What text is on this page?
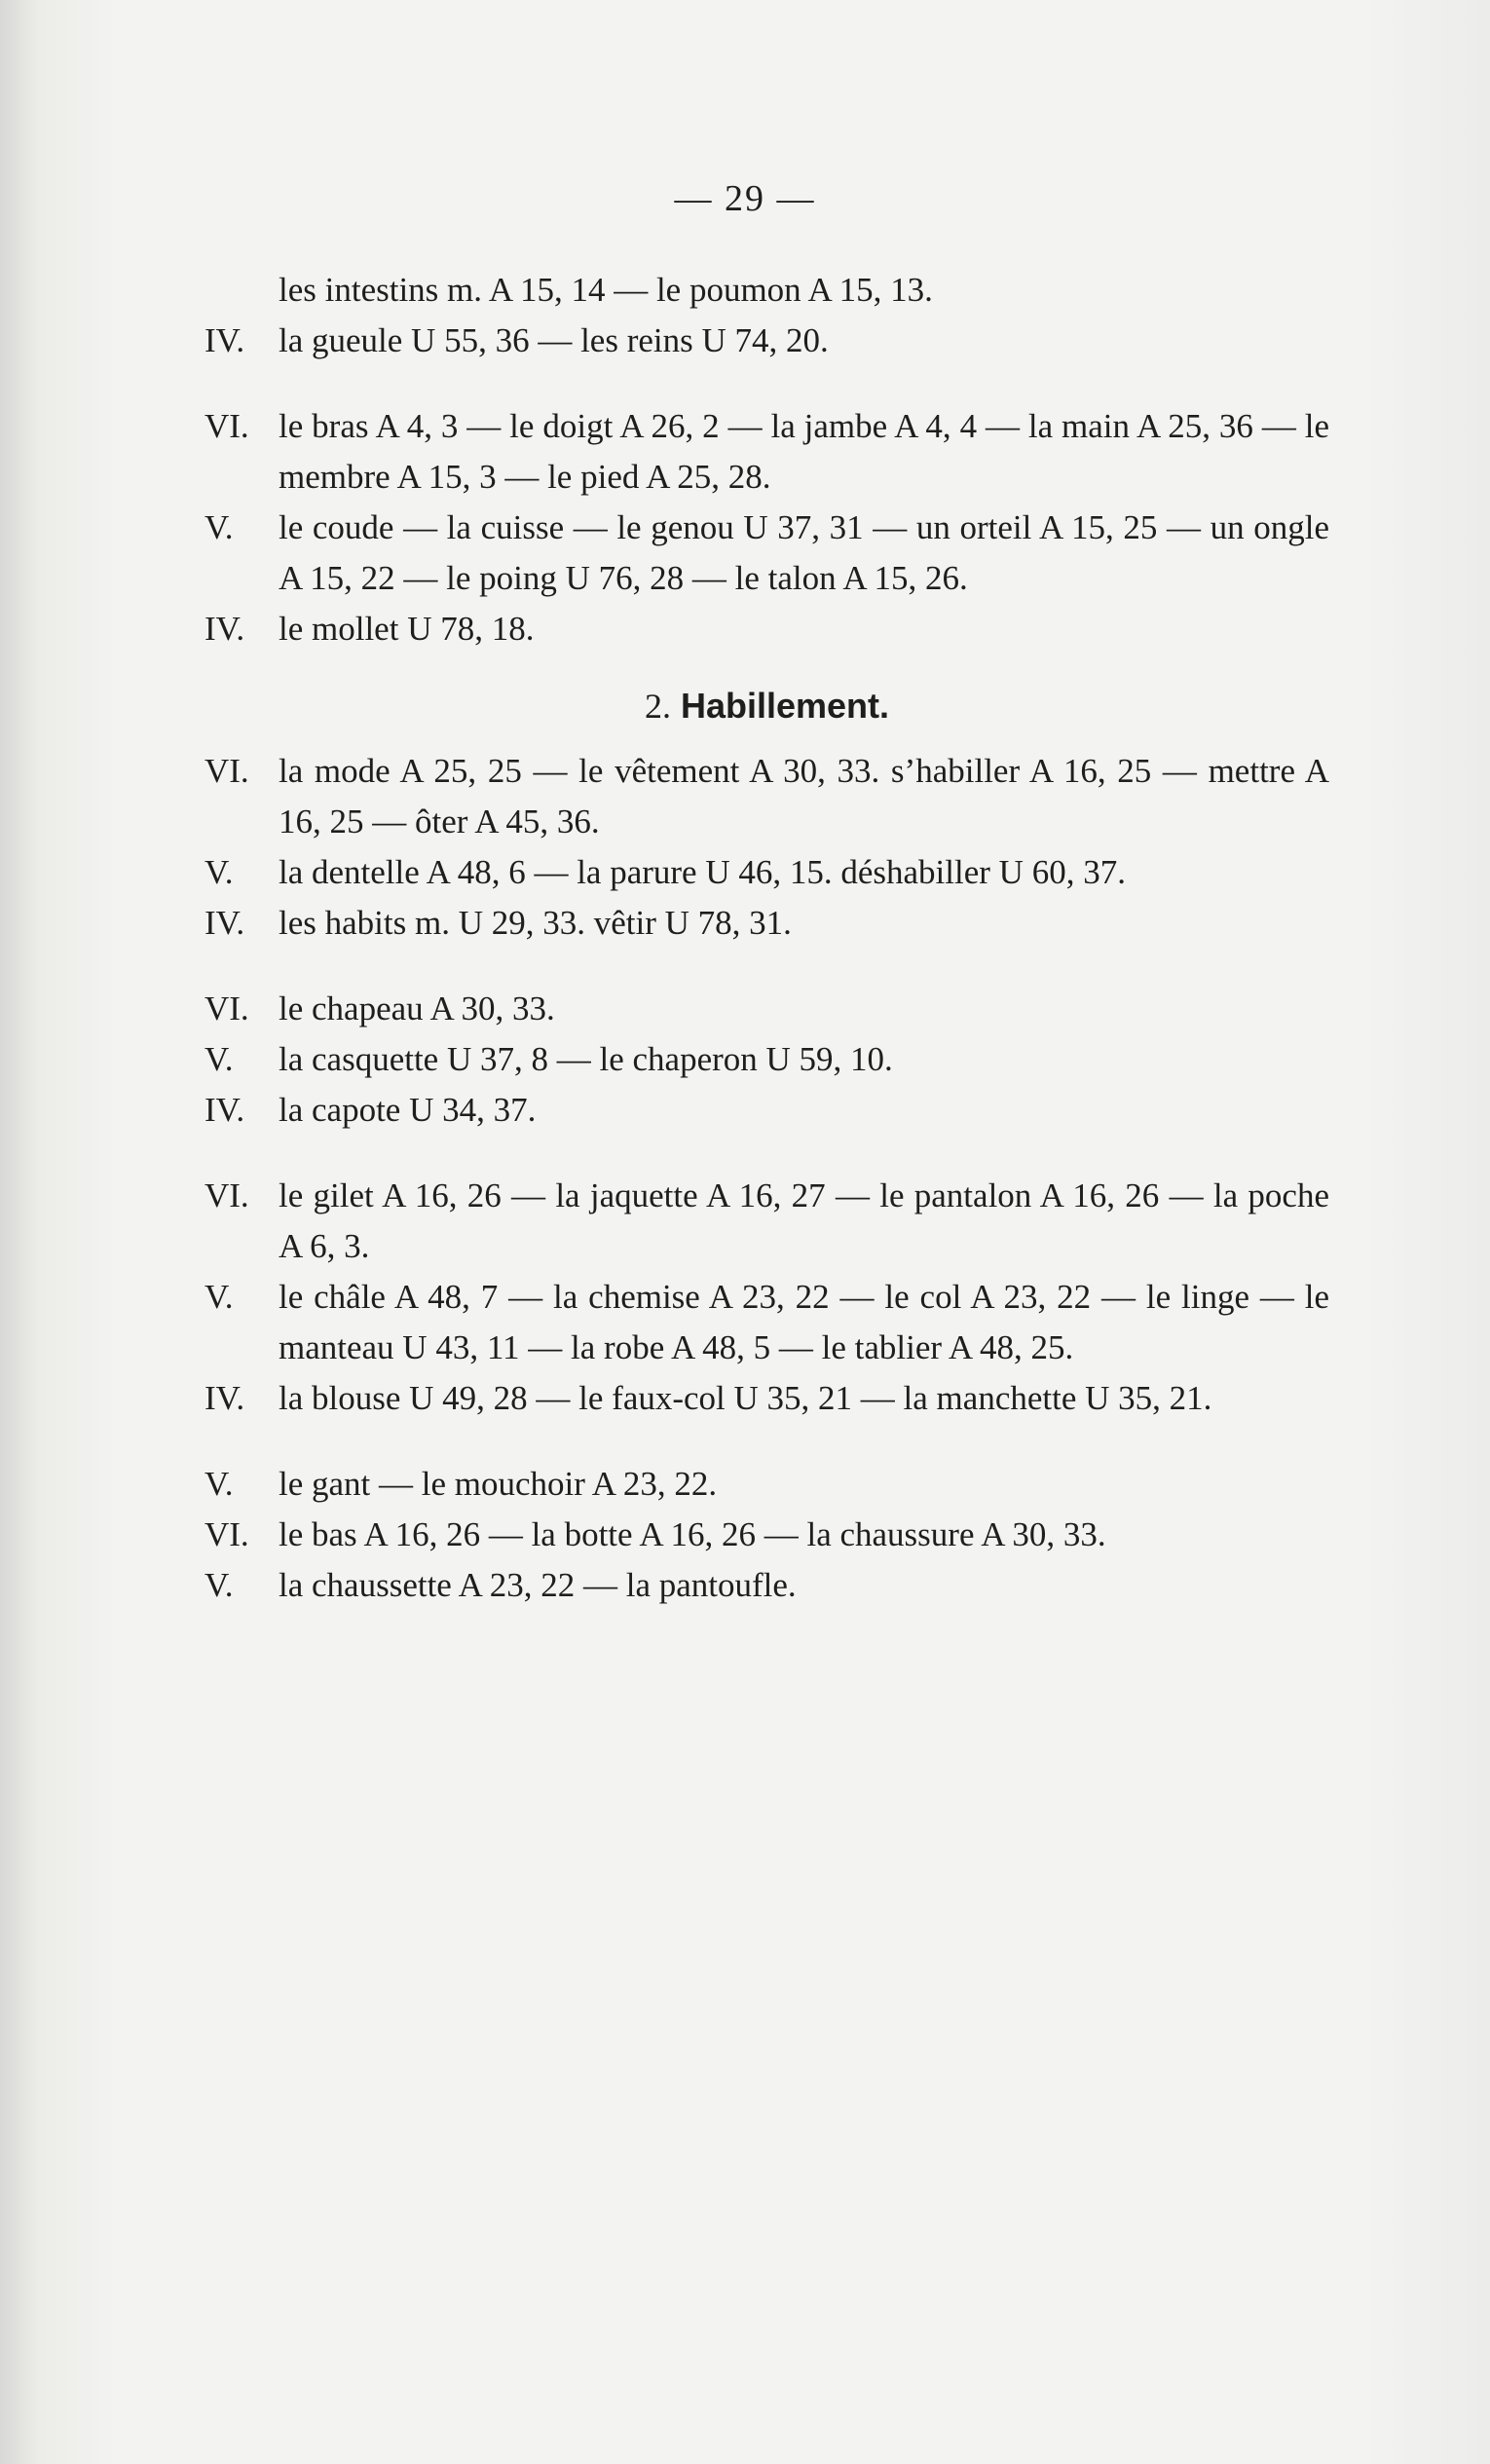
— 29 —
les intestins m. A 15, 14 — le poumon A 15, 13.
IV. la gueule U 55, 36 — les reins U 74, 20.
VI. le bras A 4, 3 — le doigt A 26, 2 — la jambe A 4, 4 — la main A 25, 36 — le membre A 15, 3 — le pied A 25, 28.
V.	le coude — la cuisse — le genou U 37, 31 — un orteil A 15, 25 — un ongle A 15, 22 — le poing U 76, 28 — le talon A 15, 26.
IV. le mollet U 78, 18.
2. Habillement.
VI. la mode A 25, 25 — le vêtement A 30, 33. s’habiller A 16, 25 — mettre A 16, 25 — ôter A 45, 36.
V.	la dentelle A 48, 6 — la parure U 46, 15. déshabiller U 60, 37.
IV. les habits m. U 29, 33. vêtir U 78, 31.
VI. le chapeau A 30, 33.
V.	la casquette U 37, 8 — le chaperon U 59, 10.
IV. la capote U 34, 37.
VI. le gilet A 16, 26 — la jaquette A 16, 27 — le pantalon A 16, 26 — la poche A 6, 3.
V.	le châle A 48, 7 — la chemise A 23, 22 — le col A 23, 22 — le linge — le manteau U 43, 11 — la robe A 48, 5 — le tablier A 48, 25.
IV. la blouse U 49, 28 — le faux-col U 35, 21 — la manchette U 35, 21.
V.	le gant — le mouchoir A 23, 22.
VI. le bas A 16, 26 — la botte A 16, 26 — la chaussure A 30, 33.
V.	la chaussette A 23, 22 — la pantoufle.
